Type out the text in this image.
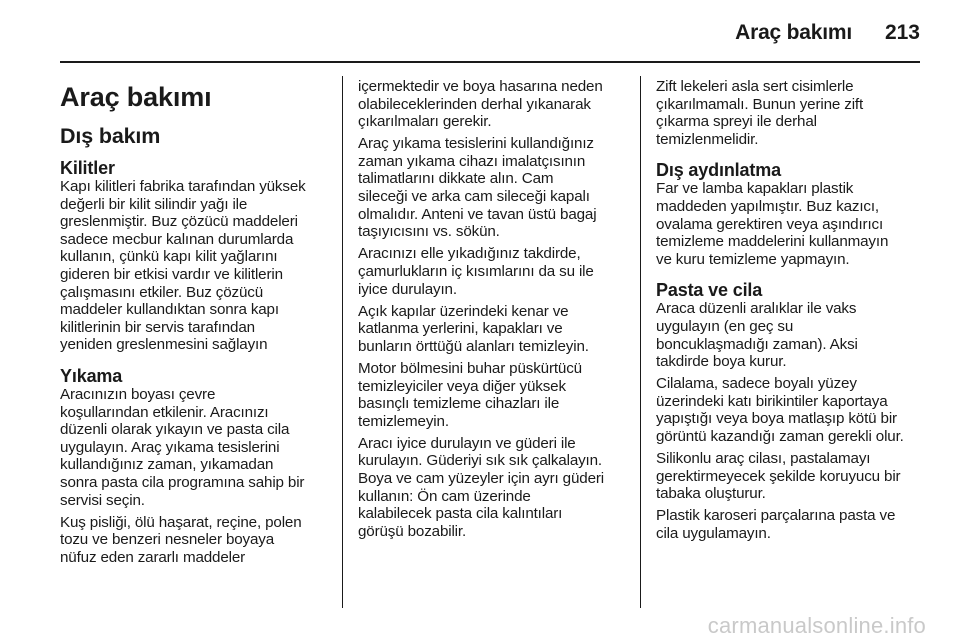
Araç bakımı	213
Araç bakımı
Dış bakım
Kilitler

Kapı kilitleri fabrika tarafından yüksek
değerli bir kilit silindir yağı ile
greslenmiştir. Buz çözücü maddeleri
sadece mecbur kalınan durumlarda
kullanın, çünkü kapı kilit yağlarını
gideren bir etkisi vardır ve kilitlerin
çalışmasını etkiler. Buz çözücü
maddeler kullandıktan sonra kapı
kilitlerinin bir servis tarafından
yeniden greslenmesini sağlayın

Yıkama

Aracınızın boyası çevre
koşullarından etkilenir. Aracınızı
düzenli olarak yıkayın ve pasta cila
uygulayın. Araç yıkama tesislerini
kullandığınız zaman, yıkamadan
sonra pasta cila programına sahip bir
servisi seçin.

Kuş pisliği, ölü haşarat, reçine, polen
tozu ve benzeri nesneler boyaya
nüfuz eden zararlı maddeler

içermektedir ve boya hasarına neden
olabileceklerinden derhal yıkanarak
çıkarılmaları gerekir.

Araç yıkama tesislerini kullandığınız
zaman yıkama cihazı imalatçısının
talimatlarını dikkate alın. Cam
sileceği ve arka cam sileceği kapalı
olmalıdır. Anteni ve tavan üstü bagaj
taşıyıcısını vs. sökün.

Aracınızı elle yıkadığınız takdirde,
çamurlukların iç kısımlarını da su ile
iyice durulayın.

Açık kapılar üzerindeki kenar ve
katlanma yerlerini, kapakları ve
bunların örttüğü alanları temizleyin.

Motor bölmesini buhar püskürtücü
temizleyiciler veya diğer yüksek
basınçlı temizleme cihazları ile
temizlemeyin.

Aracı iyice durulayın ve güderi ile
kurulayın. Güderiyi sık sık çalkalayın.
Boya ve cam yüzeyler için ayrı güderi
kullanın: Ön cam üzerinde
kalabilecek pasta cila kalıntıları
görüşü bozabilir.

Zift lekeleri asla sert cisimlerle
çıkarılmamalı. Bunun yerine zift
çıkarma spreyi ile derhal
temizlenmelidir.

Dış aydınlatma

Far ve lamba kapakları plastik
maddeden yapılmıştır. Buz kazıcı,
ovalama gerektiren veya aşındırıcı
temizleme maddelerini kullanmayın
ve kuru temizleme yapmayın.

Pasta ve cila

Araca düzenli aralıklar ile vaks
uygulayın (en geç su
boncuklaşmadığı zaman). Aksi
takdirde boya kurur.

Cilalama, sadece boyalı yüzey
üzerindeki katı birikintiler kaportaya
yapıştığı veya boya matlaşıp kötü bir
görüntü kazandığı zaman gerekli olur.

Silikonlu araç cilası, pastalamayı
gerektirmeyecek şekilde koruyucu bir
tabaka oluşturur.

Plastik karoseri parçalarına pasta ve
cila uygulamayın.

carmanualsonline.info
